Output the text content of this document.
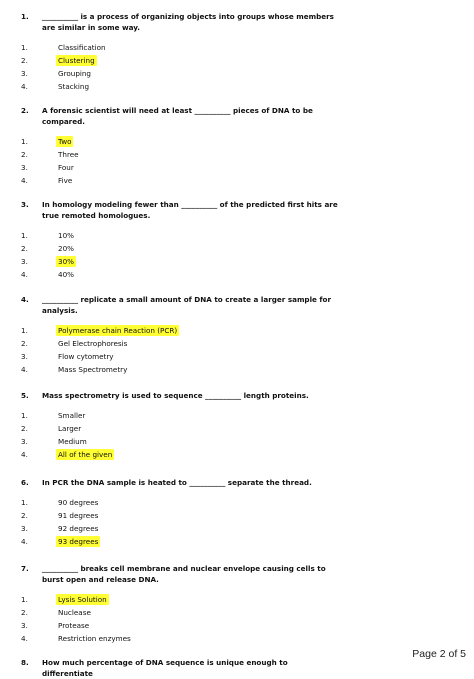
1. __________ is a process of organizing objects into groups whose members are similar in some way.
1.	Classification
2.	Clustering
3.	Grouping
4.	Stacking
2. A forensic scientist will need at least __________ pieces of DNA to be compared.
1.	Two
2.	Three
3.	Four
4.	Five
3. In homology modeling fewer than __________ of the predicted first hits are true remoted homologues.
1.	10%
2.	20%
3.	30%
4.	40%
4. __________ replicate a small amount of DNA to create a larger sample for analysis.
1.	Polymerase chain Reaction (PCR)
2.	Gel Electrophoresis
3.	Flow cytometry
4.	Mass Spectrometry
5. Mass spectrometry is used to sequence __________ length proteins.
1.	Smaller
2.	Larger
3.	Medium
4.	All of the given
6. In PCR the DNA sample is heated to __________ separate the thread.
1.	90 degrees
2.	91 degrees
3.	92 degrees
4.	93 degrees
7. __________ breaks cell membrane and nuclear envelope causing cells to burst open and release DNA.
1.	Lysis Solution
2.	Nuclease
3.	Protease
4.	Restriction enzymes
8. How much percentage of DNA sequence is unique enough to differentiate
Page 2 of 5
